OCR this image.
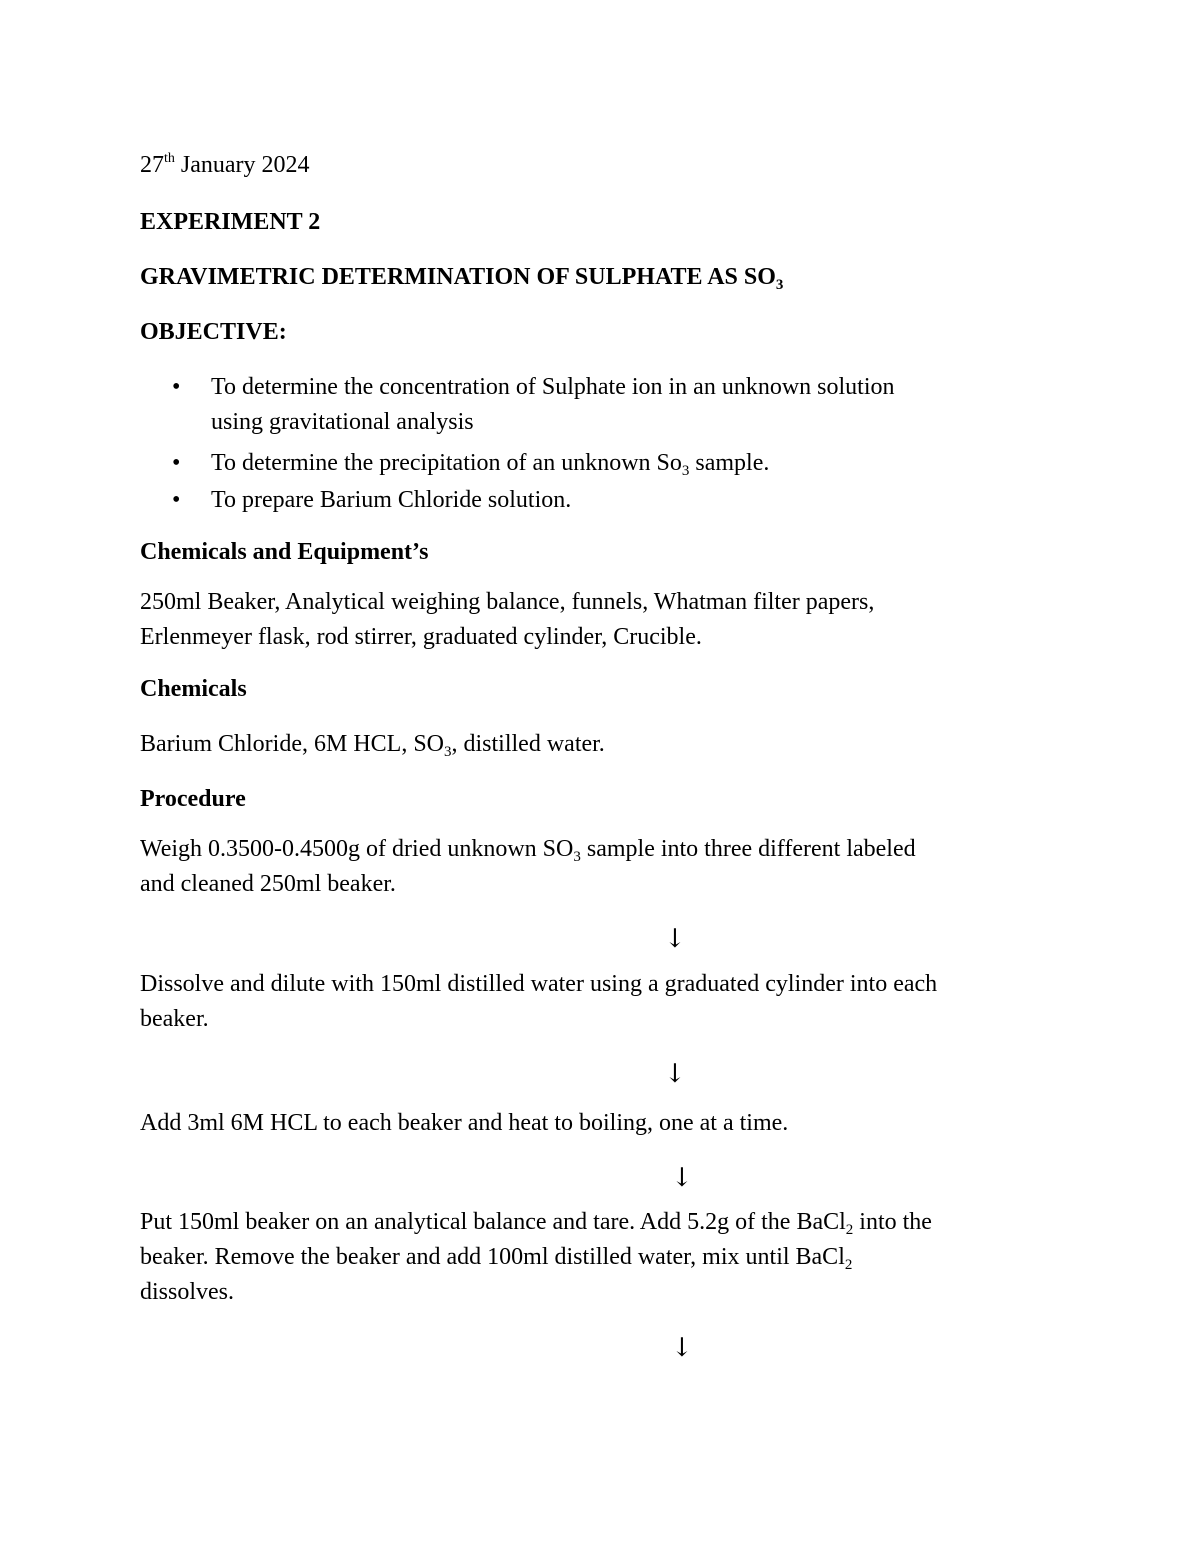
27th January 2024
EXPERIMENT 2
GRAVIMETRIC DETERMINATION OF SULPHATE AS $SO_3$
OBJECTIVE:
•	To determine the concentration of Sulphate ion in an unknown solution
using gravitational analysis
•	To determine the precipitation of an unknown $So_3$ sample.
•	To prepare Barium Chloride solution.
Chemicals and Equipment’s
250ml Beaker, Analytical weighing balance, funnels, Whatman filter papers,
Erlenmeyer flask, rod stirrer, graduated cylinder, Crucible.
Chemicals
Barium Chloride, 6M HCL, $SO_3$, distilled water.
Procedure
Weigh 0.3500-0.4500g of dried unknown $SO_3$ sample into three different labeled
and cleaned 250ml beaker.
↓
Dissolve and dilute with 150ml distilled water using a graduated cylinder into each
beaker.
↓
Add 3ml 6M HCL to each beaker and heat to boiling, one at a time.
↓
Put 150ml beaker on an analytical balance and tare. Add 5.2g of the BaCl$_2$ into the
beaker. Remove the beaker and add 100ml distilled water, mix until BaCl$_2$
dissolves.
↓
